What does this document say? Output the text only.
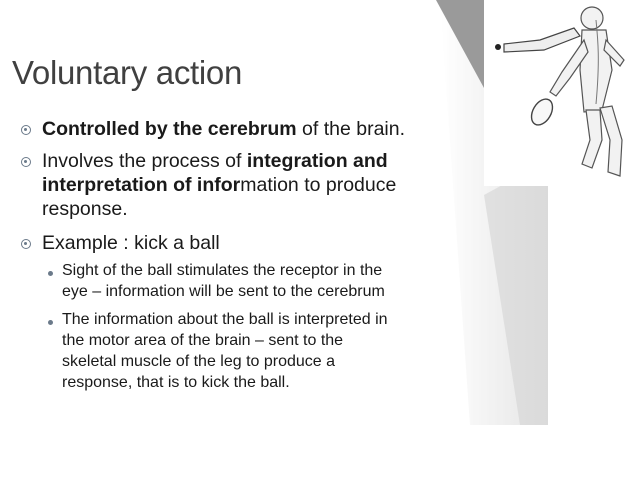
Voluntary action
Controlled by the cerebrum of the brain.
Involves the process of integration and
interpretation of information to produce
response.
Example : kick a ball
Sight of the ball stimulates the receptor in the
eye – information will be sent to the cerebrum
The information about the ball is interpreted in
the motor area of the brain – sent to the
skeletal muscle of the leg to produce a
response, that is to kick the ball.
